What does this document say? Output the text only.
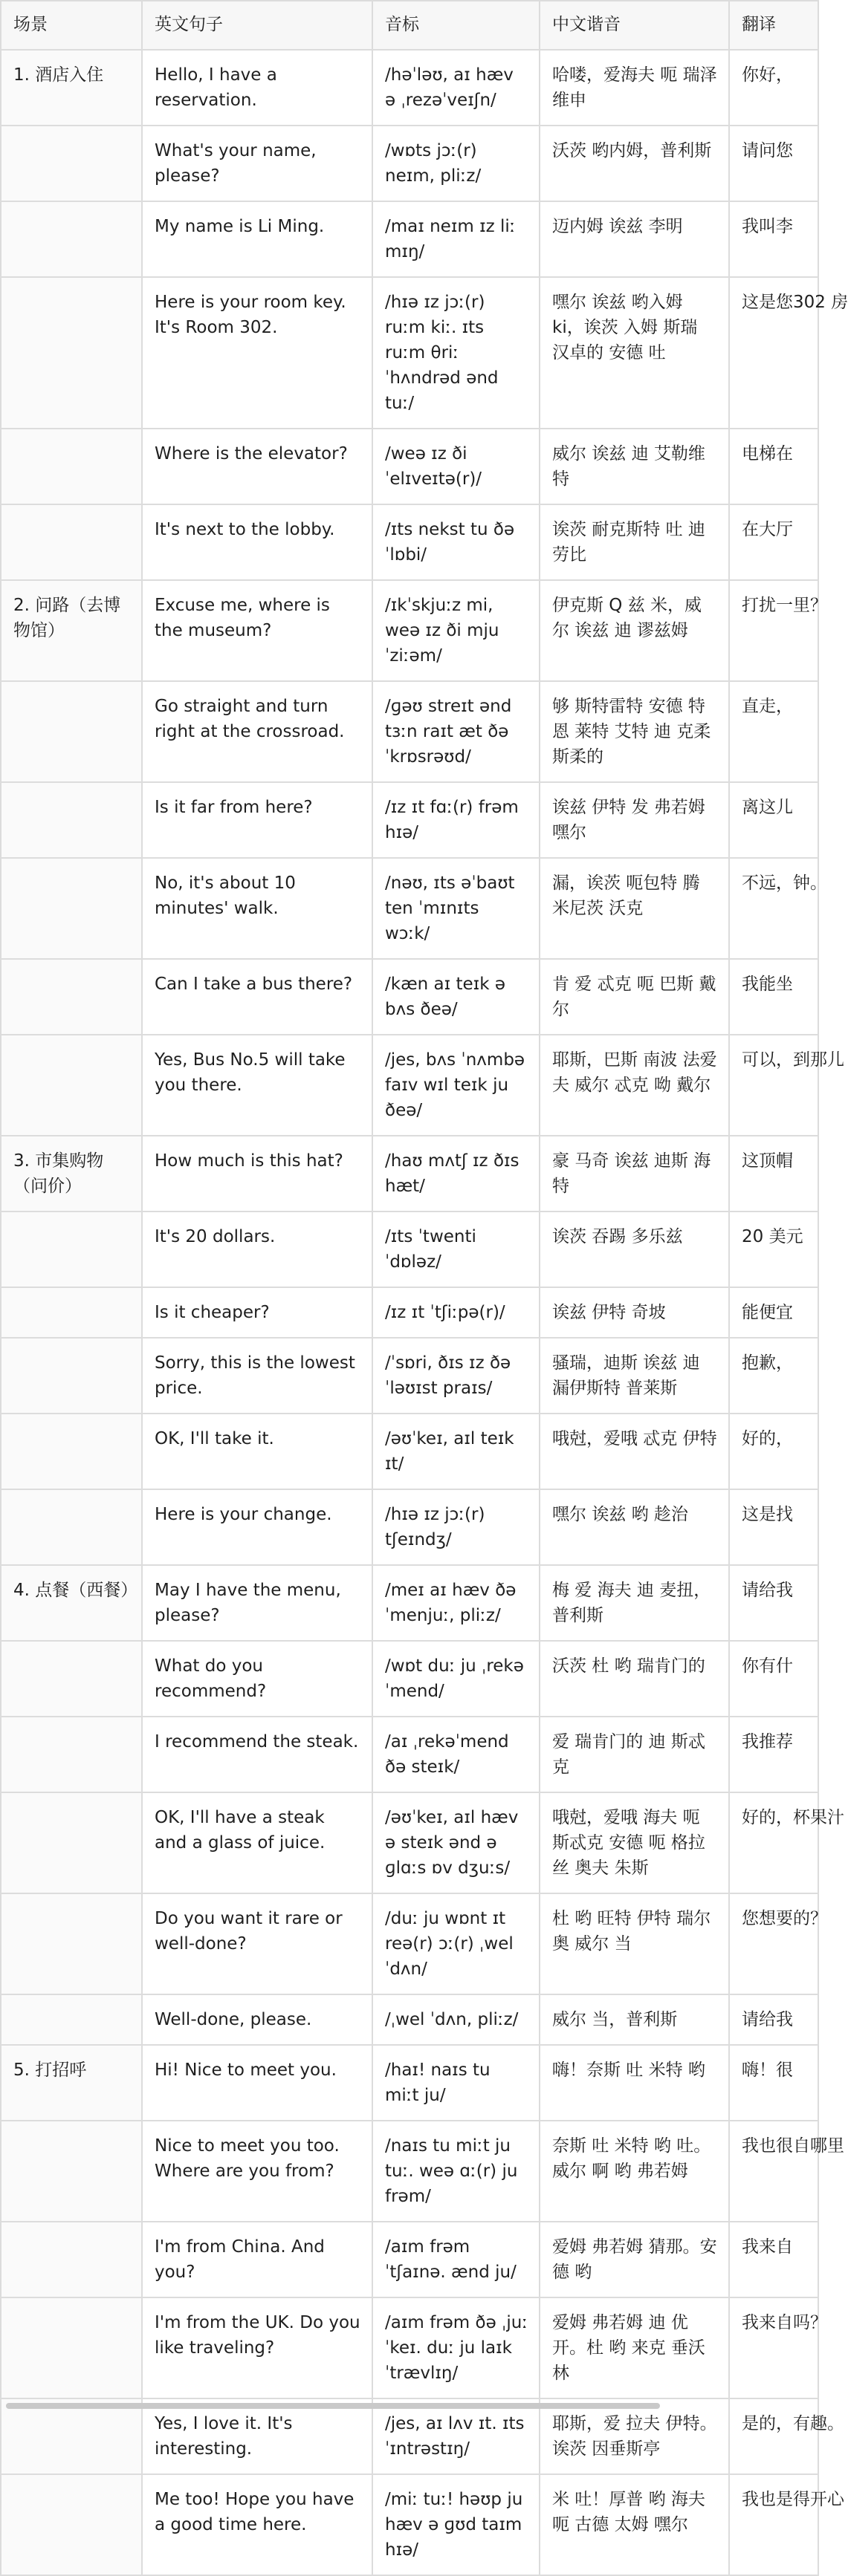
场景	英文句子	音标	中文谐音	翻译
1. 酒店入住	Hello, I have a reservation.	/həˈləʊ, aɪ hæv ə ˌrezəˈveɪʃn/	哈喽，爱海夫 呃 瑞泽维申	你好，
	What's your name, please?	/wɒts jɔː(r) neɪm, pliːz/	沃茨 哟内姆，普利斯	请问您
	My name is Li Ming.	/maɪ neɪm ɪz liː mɪŋ/	迈内姆 诶兹 李明	我叫李
	Here is your room key. It's Room 302.	/hɪə ɪz jɔː(r) ruːm kiː. ɪts ruːm θriː ˈhʌndrəd ənd tuː/	嘿尔 诶兹 哟入姆 ki，诶茨 入姆 斯瑞 汉卓的 安德 吐	这是您302 房
	Where is the elevator?	/weə ɪz ði ˈelɪveɪtə(r)/	威尔 诶兹 迪 艾勒维特	电梯在
	It's next to the lobby.	/ɪts nekst tu ðə ˈlɒbi/	诶茨 耐克斯特 吐 迪 劳比	在大厅
2. 问路（去博物馆）	Excuse me, where is the museum?	/ɪkˈskjuːz mi, weə ɪz ði mjuˈziːəm/	伊克斯 Q 兹 米，威尔 诶兹 迪 谬兹姆	打扰一里？
	Go straight and turn right at the crossroad.	/ɡəʊ streɪt ənd tɜːn raɪt æt ðə ˈkrɒsrəʊd/	够 斯特雷特 安德 特恩 莱特 艾特 迪 克柔斯柔的	直走，
	Is it far from here?	/ɪz ɪt fɑː(r) frəm hɪə/	诶兹 伊特 发 弗若姆 嘿尔	离这儿
	No, it's about 10 minutes' walk.	/nəʊ, ɪts əˈbaʊt ten ˈmɪnɪts wɔːk/	漏，诶茨 呃包特 腾 米尼茨 沃克	不远，钟。
	Can I take a bus there?	/kæn aɪ teɪk ə bʌs ðeə/	肯 爱 忒克 呃 巴斯 戴尔	我能坐
	Yes, Bus No.5 will take you there.	/jes, bʌs ˈnʌmbə faɪv wɪl teɪk ju ðeə/	耶斯，巴斯 南波 法爱夫 威尔 忒克 呦 戴尔	可以，到那儿
3. 市集购物（问价）	How much is this hat?	/haʊ mʌtʃ ɪz ðɪs hæt/	豪 马奇 诶兹 迪斯 海特	这顶帽
	It's 20 dollars.	/ɪts ˈtwenti ˈdɒləz/	诶茨 吞踢 多乐兹	20 美元
	Is it cheaper?	/ɪz ɪt ˈtʃiːpə(r)/	诶兹 伊特 奇坡	能便宜
	Sorry, this is the lowest price.	/ˈsɒri, ðɪs ɪz ðə ˈləʊɪst praɪs/	骚瑞，迪斯 诶兹 迪 漏伊斯特 普莱斯	抱歉，
	OK, I'll take it.	/əʊˈkeɪ, aɪl teɪk ɪt/	哦尅，爱哦 忒克 伊特	好的，
	Here is your change.	/hɪə ɪz jɔː(r) tʃeɪndʒ/	嘿尔 诶兹 哟 趁治	这是找
4. 点餐（西餐）	May I have the menu, please?	/meɪ aɪ hæv ðə ˈmenjuː, pliːz/	梅 爱 海夫 迪 麦扭，普利斯	请给我
	What do you recommend?	/wɒt duː ju ˌrekəˈmend/	沃茨 杜 哟 瑞肯门的	你有什
	I recommend the steak.	/aɪ ˌrekəˈmend ðə steɪk/	爱 瑞肯门的 迪 斯忒克	我推荐
	OK, I'll have a steak and a glass of juice.	/əʊˈkeɪ, aɪl hæv ə steɪk ənd ə ɡlɑːs ɒv dʒuːs/	哦尅，爱哦 海夫 呃 斯忒克 安德 呃 格拉丝 奥夫 朱斯	好的，杯果汁
	Do you want it rare or well-done?	/duː ju wɒnt ɪt reə(r) ɔː(r) ˌwel ˈdʌn/	杜 哟 旺特 伊特 瑞尔 奥 威尔 当	您想要的？
	Well-done, please.	/ˌwel ˈdʌn, pliːz/	威尔 当，普利斯	请给我
5. 打招呼	Hi! Nice to meet you.	/haɪ! naɪs tu miːt ju/	嗨！奈斯 吐 米特 哟	嗨！很
	Nice to meet you too. Where are you from?	/naɪs tu miːt ju tuː. weə ɑː(r) ju frəm/	奈斯 吐 米特 哟 吐。威尔 啊 哟 弗若姆	我也很自哪里
	I'm from China. And you?	/aɪm frəm ˈtʃaɪnə. ænd ju/	爱姆 弗若姆 猜那。安德 哟	我来自
	I'm from the UK. Do you like traveling?	/aɪm frəm ðə ˌjuː ˈkeɪ. duː ju laɪk ˈtrævlɪŋ/	爱姆 弗若姆 迪 优开。杜 哟 来克 垂沃林	我来自吗？
	Yes, I love it. It's interesting.	/jes, aɪ lʌv ɪt. ɪts ˈɪntrəstɪŋ/	耶斯，爱 拉夫 伊特。诶茨 因垂斯亭	是的，有趣。
	Me too! Hope you have a good time here.	/miː tuː! həʊp ju hæv ə ɡʊd taɪm hɪə/	米 吐！厚普 哟 海夫 呃 古德 太姆 嘿尔	我也是得开心
